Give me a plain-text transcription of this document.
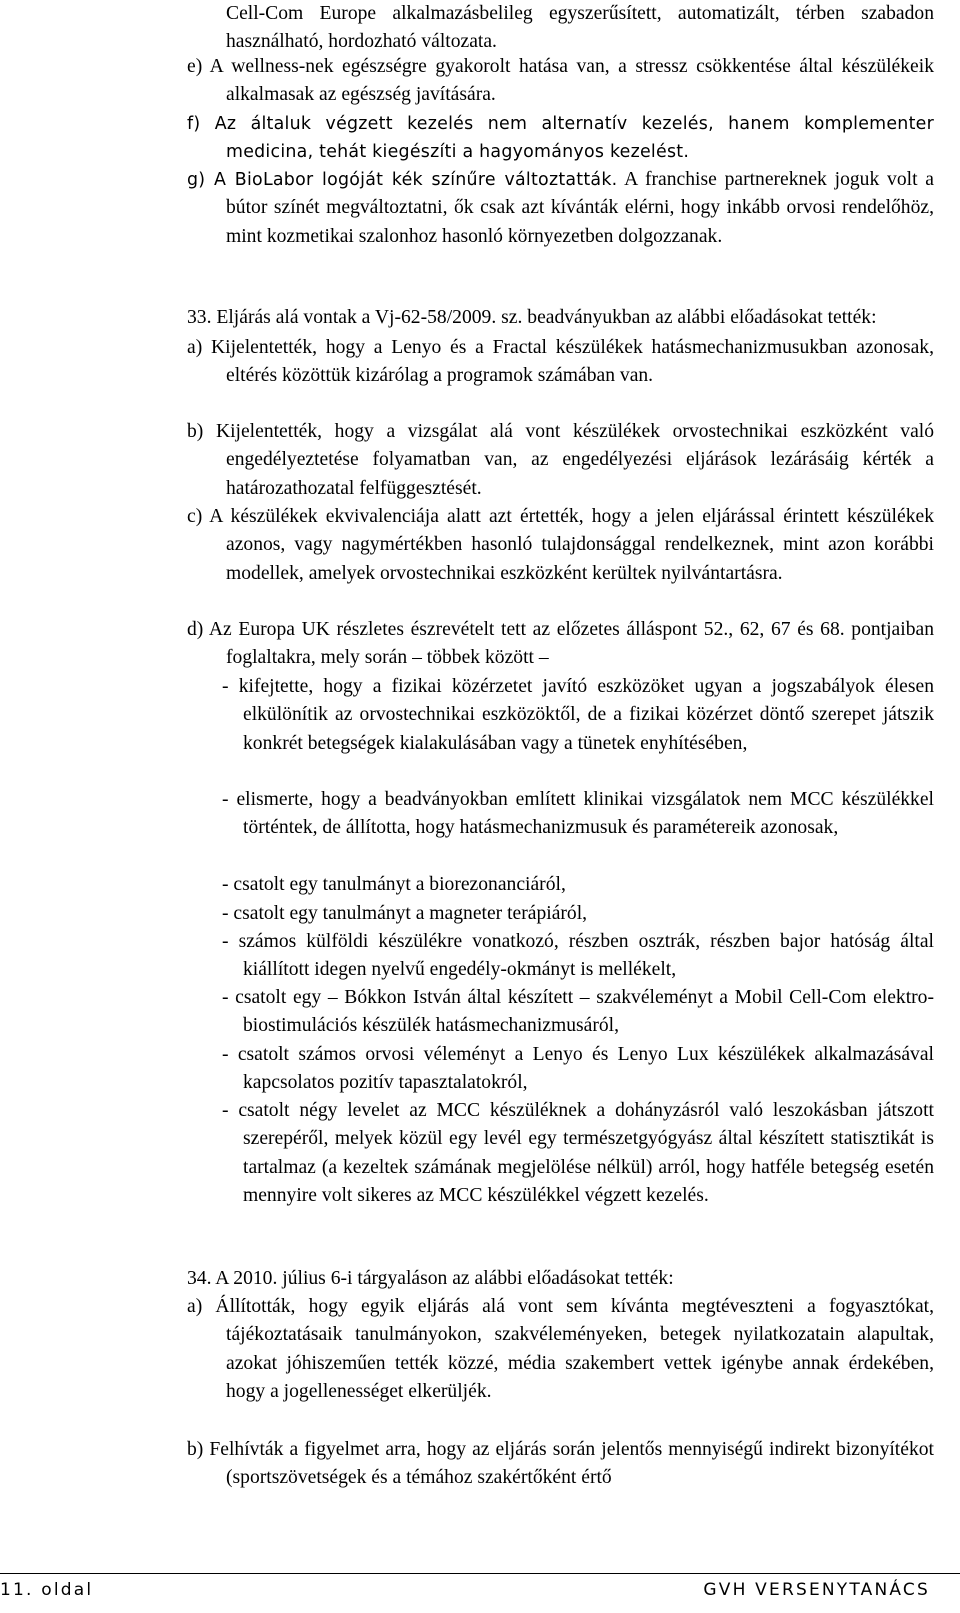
Cell-Com Europe alkalmazásbelileg egyszerűsített, automatizált, térben szabadon használható, hordozható változata.
e) A wellness-nek egészségre gyakorolt hatása van, a stressz csökkentése által készülékeik alkalmasak az egészség javítására.
f) Az általuk végzett kezelés nem alternatív kezelés, hanem komplementer medicina, tehát kiegészíti a hagyományos kezelést.
g) A BioLabor logóját kék színűre változtatták. A franchise partnereknek joguk volt a bútor színét megváltoztatni, ők csak azt kívánták elérni, hogy inkább orvosi rendelőhöz, mint kozmetikai szalonhoz hasonló környezetben dolgozzanak.
33. Eljárás alá vontak a Vj-62-58/2009. sz. beadványukban az alábbi előadásokat tették:
a) Kijelentették, hogy a Lenyo és a Fractal készülékek hatásmechanizmusukban azonosak, eltérés közöttük kizárólag a programok számában van.
b) Kijelentették, hogy a vizsgálat alá vont készülékek orvostechnikai eszközként való engedélyeztetése folyamatban van, az engedélyezési eljárások lezárásáig kérték a határozathozatal felfüggesztését.
c) A készülékek ekvivalenciája alatt azt értették, hogy a jelen eljárással érintett készülékek azonos, vagy nagymértékben hasonló tulajdonsággal rendelkeznek, mint azon korábbi modellek, amelyek orvostechnikai eszközként kerültek nyilvántartásra.
d) Az Europa UK részletes észrevételt tett az előzetes álláspont 52., 62, 67 és 68. pontjaiban foglaltakra, mely során – többek között –
- kifejtette, hogy a fizikai közérzetet javító eszközöket ugyan a jogszabályok élesen elkülönítik az orvostechnikai eszközöktől, de a fizikai közérzet döntő szerepet játszik konkrét betegségek kialakulásában vagy a tünetek enyhítésében,
- elismerte, hogy a beadványokban említett klinikai vizsgálatok nem MCC készülékkel történtek, de állította, hogy hatásmechanizmusuk és paramétereik azonosak,
- csatolt egy tanulmányt a biorezonanciáról,
- csatolt egy tanulmányt a magneter terápiáról,
- számos külföldi készülékre vonatkozó, részben osztrák, részben bajor hatóság által kiállított idegen nyelvű engedély-okmányt is mellékelt,
- csatolt egy – Bókkon István által készített – szakvéleményt a Mobil Cell-Com elektro-biostimulációs készülék hatásmechanizmusáról,
- csatolt számos orvosi véleményt a Lenyo és Lenyo Lux készülékek alkalmazásával kapcsolatos pozitív tapasztalatokról,
- csatolt négy levelet az MCC készüléknek a dohányzásról való leszokásban játszott szerepéről, melyek közül egy levél egy természetgyógyász által készített statisztikát is tartalmaz (a kezeltek számának megjelölése nélkül) arról, hogy hatféle betegség esetén mennyire volt sikeres az MCC készülékkel végzett kezelés.
34. A 2010. július 6-i tárgyaláson az alábbi előadásokat tették:
a) Állították, hogy egyik eljárás alá vont sem kívánta megtéveszteni a fogyasztókat, tájékoztatásaik tanulmányokon, szakvéleményeken, betegek nyilatkozatain alapultak, azokat jóhiszeműen tették közzé, média szakembert vettek igénybe annak érdekében, hogy a jogellenességet elkerüljék.
b) Felhívták a figyelmet arra, hogy az eljárás során jelentős mennyiségű indirekt bizonyítékot (sportszövetségek és a témához szakértőként értő
11. oldal	GVH VERSENYTANÁCS
